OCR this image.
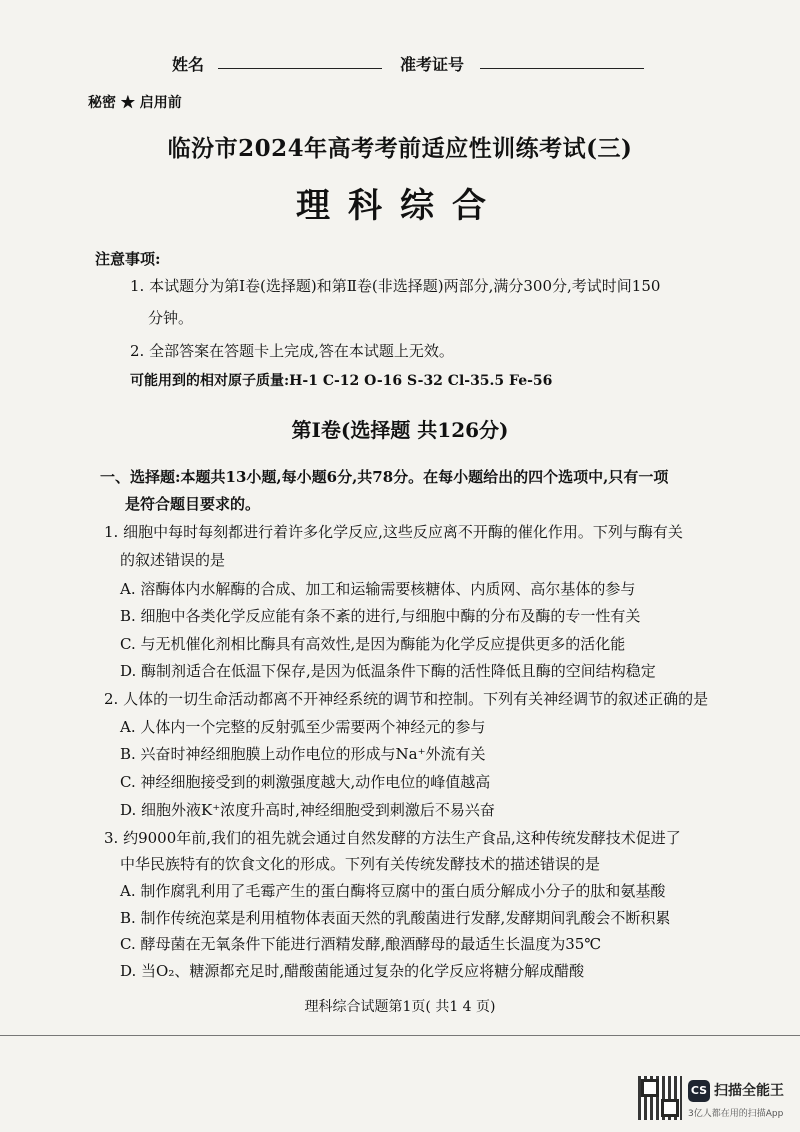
姓名	准考证号
秘密 ★ 启用前
临汾市2024年高考考前适应性训练考试(三)
理科综合
注意事项:
1. 本试题分为第Ⅰ卷(选择题)和第Ⅱ卷(非选择题)两部分,满分300分,考试时间150
分钟。
2. 全部答案在答题卡上完成,答在本试题上无效。
可能用到的相对原子质量:H-1 C-12 O-16 S-32 Cl-35.5 Fe-56
第Ⅰ卷(选择题 共126分)
一、选择题:本题共13小题,每小题6分,共78分。在每小题给出的四个选项中,只有一项
是符合题目要求的。
1. 细胞中每时每刻都进行着许多化学反应,这些反应离不开酶的催化作用。下列与酶有关
的叙述错误的是
A. 溶酶体内水解酶的合成、加工和运输需要核糖体、内质网、高尔基体的参与
B. 细胞中各类化学反应能有条不紊的进行,与细胞中酶的分布及酶的专一性有关
C. 与无机催化剂相比酶具有高效性,是因为酶能为化学反应提供更多的活化能
D. 酶制剂适合在低温下保存,是因为低温条件下酶的活性降低且酶的空间结构稳定
2. 人体的一切生命活动都离不开神经系统的调节和控制。下列有关神经调节的叙述正确的是
A. 人体内一个完整的反射弧至少需要两个神经元的参与
B. 兴奋时神经细胞膜上动作电位的形成与Na⁺外流有关
C. 神经细胞接受到的刺激强度越大,动作电位的峰值越高
D. 细胞外液K⁺浓度升高时,神经细胞受到刺激后不易兴奋
3. 约9000年前,我们的祖先就会通过自然发酵的方法生产食品,这种传统发酵技术促进了
中华民族特有的饮食文化的形成。下列有关传统发酵技术的描述错误的是
A. 制作腐乳利用了毛霉产生的蛋白酶将豆腐中的蛋白质分解成小分子的肽和氨基酸
B. 制作传统泡菜是利用植物体表面天然的乳酸菌进行发酵,发酵期间乳酸会不断积累
C. 酵母菌在无氧条件下能进行酒精发酵,酿酒酵母的最适生长温度为35℃
D. 当O₂、糖源都充足时,醋酸菌能通过复杂的化学反应将糖分解成醋酸
理科综合试题第1页( 共1 4 页)
CS 扫描全能王
3亿人都在用的扫描App
